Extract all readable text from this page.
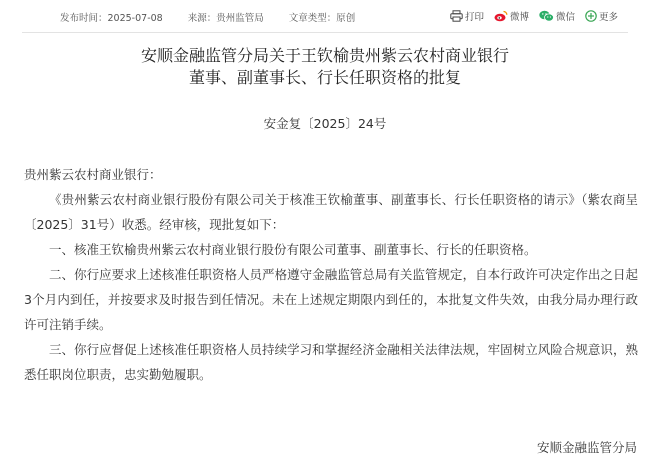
发布时间：2025-07-08	来源：贵州监管局	文章类型：原创	打印	微博	微信	更多
安顺金融监管分局关于王钦榆贵州紫云农村商业银行
董事、副董事长、行长任职资格的批复
安金复〔2025〕24号

贵州紫云农村商业银行：

《贵州紫云农村商业银行股份有限公司关于核准王钦榆董事、副董事长、行长任职资格的请示》（紫农商呈〔2025〕31号）收悉。经审核，现批复如下：

一、核准王钦榆贵州紫云农村商业银行股份有限公司董事、副董事长、行长的任职资格。

二、你行应要求上述核准任职资格人员严格遵守金融监管总局有关监管规定，自本行政许可决定作出之日起3个月内到任，并按要求及时报告到任情况。未在上述规定期限内到任的，本批复文件失效，由我分局办理行政许可注销手续。

三、你行应督促上述核准任职资格人员持续学习和掌握经济金融相关法律法规，牢固树立风险合规意识，熟悉任职岗位职责，忠实勤勉履职。

安顺金融监管分局
